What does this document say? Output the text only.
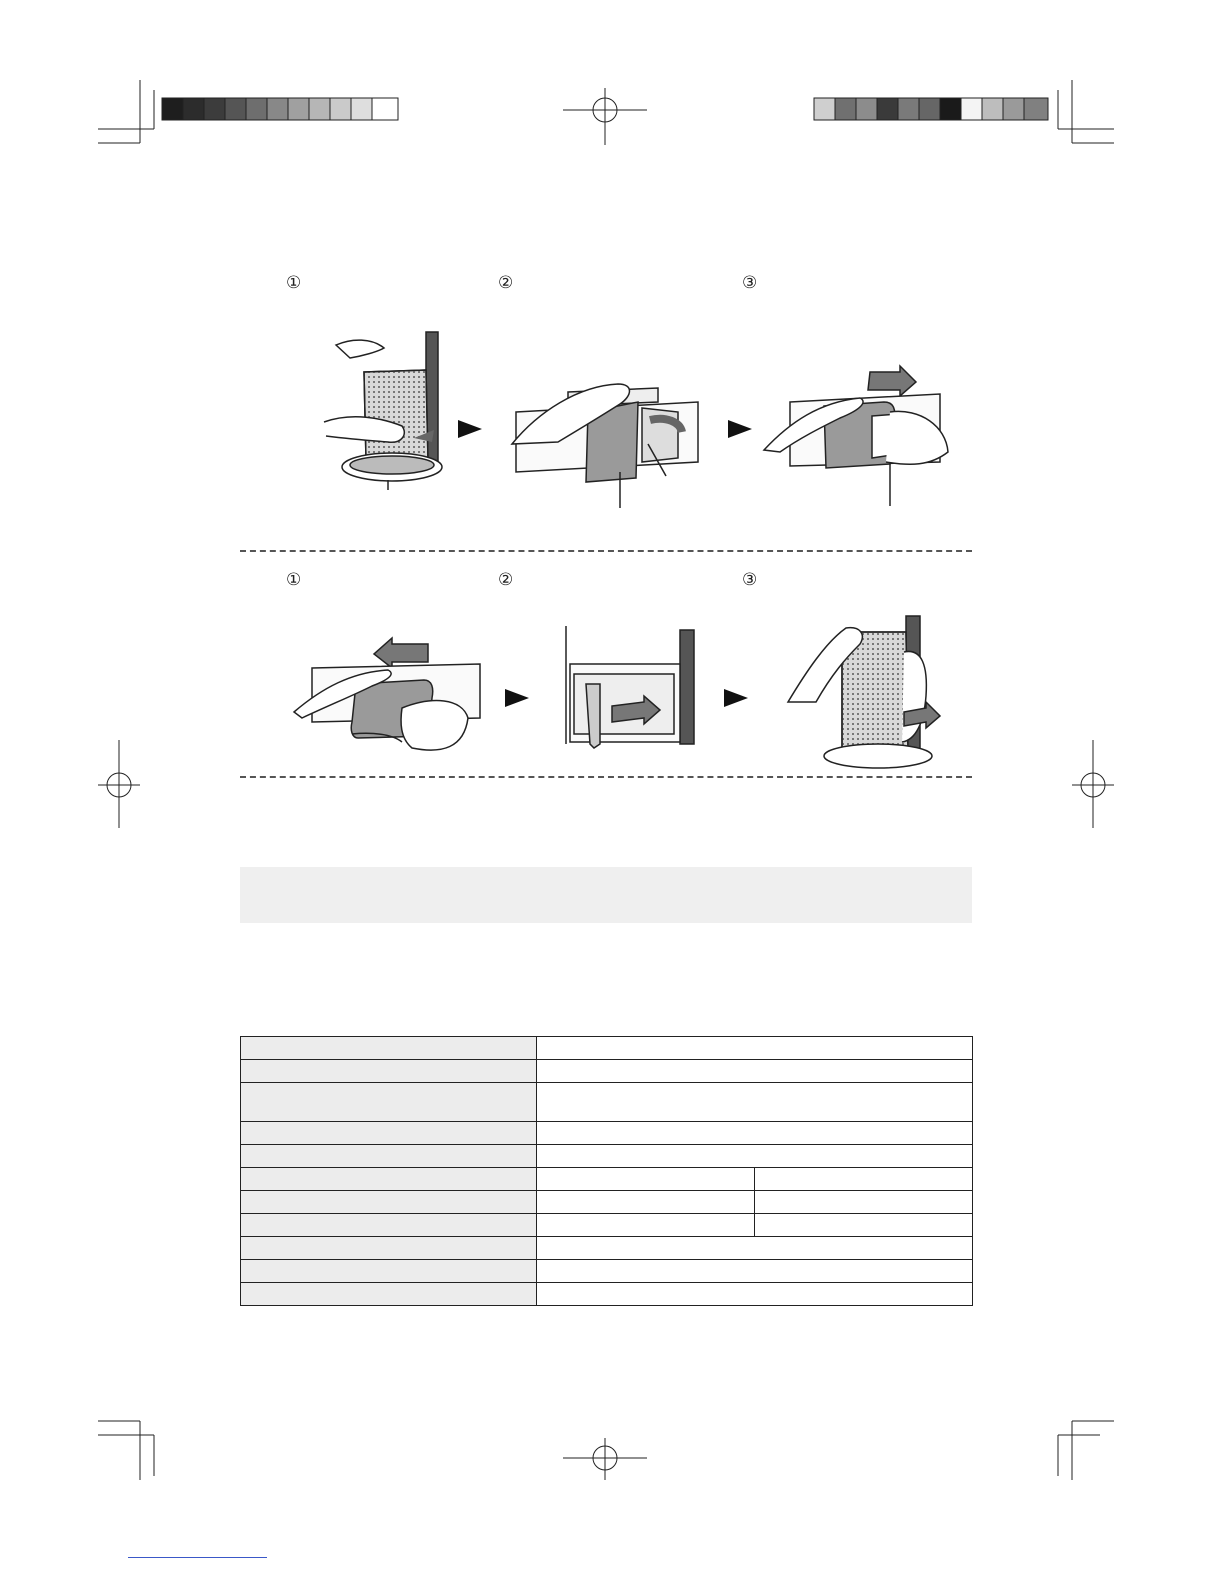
①	②	③
①	②	③
